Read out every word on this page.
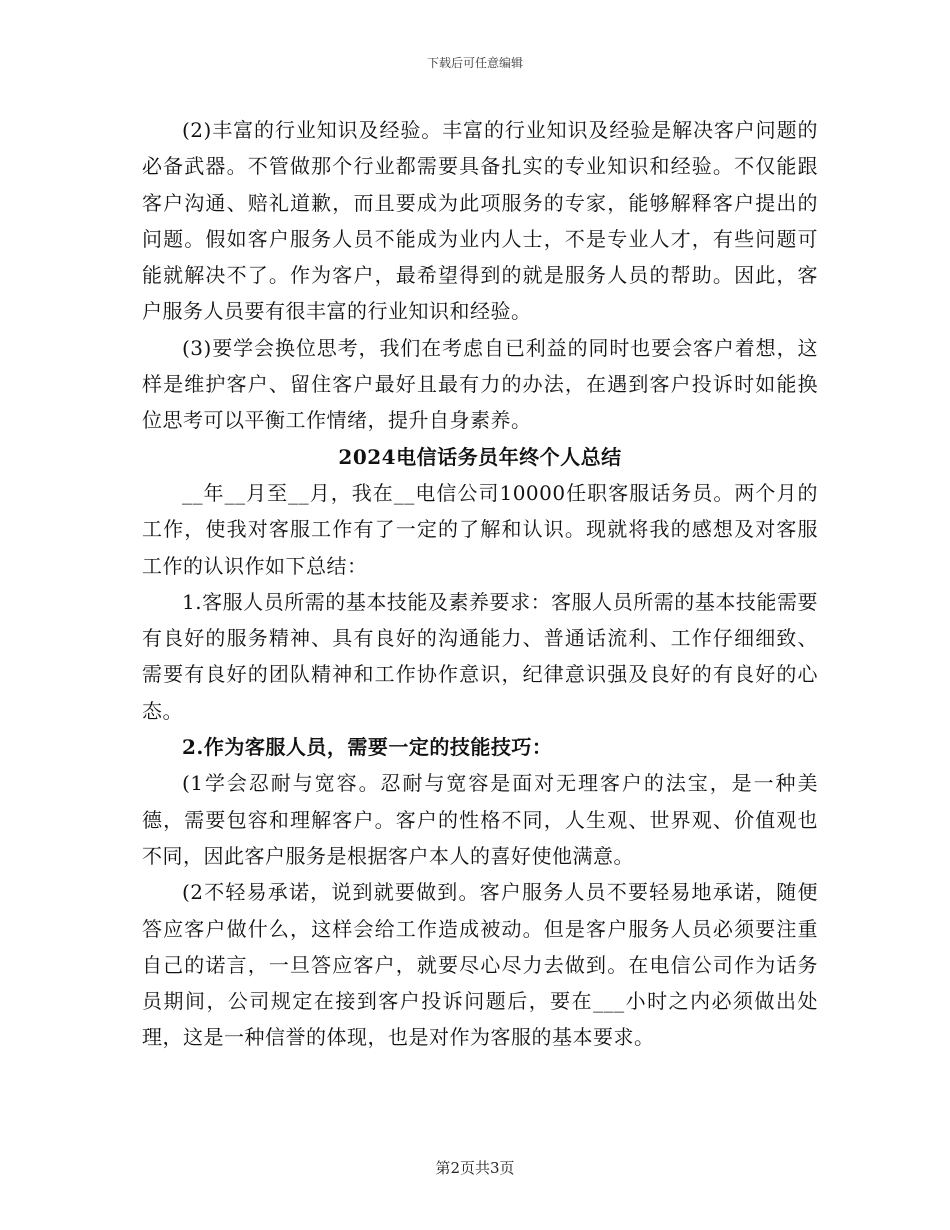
下载后可任意编辑

(2)丰富的行业知识及经验。丰富的行业知识及经验是解决客户问题的必备武器。不管做那个行业都需要具备扎实的专业知识和经验。不仅能跟客户沟通、赔礼道歉，而且要成为此项服务的专家，能够解释客户提出的问题。假如客户服务人员不能成为业内人士，不是专业人才，有些问题可能就解决不了。作为客户，最希望得到的就是服务人员的帮助。因此，客户服务人员要有很丰富的行业知识和经验。

(3)要学会换位思考，我们在考虑自已利益的同时也要会客户着想，这样是维护客户、留住客户最好且最有力的办法，在遇到客户投诉时如能换位思考可以平衡工作情绪，提升自身素养。

2024电信话务员年终个人总结

__年__月至__月，我在__电信公司10000任职客服话务员。两个月的工作，使我对客服工作有了一定的了解和认识。现就将我的感想及对客服工作的认识作如下总结：

1.客服人员所需的基本技能及素养要求：客服人员所需的基本技能需要有良好的服务精神、具有良好的沟通能力、普通话流利、工作仔细细致、需要有良好的团队精神和工作协作意识，纪律意识强及良好的有良好的心态。

2.作为客服人员，需要一定的技能技巧：

(1学会忍耐与宽容。忍耐与宽容是面对无理客户的法宝，是一种美德，需要包容和理解客户。客户的性格不同，人生观、世界观、价值观也不同，因此客户服务是根据客户本人的喜好使他满意。

(2不轻易承诺，说到就要做到。客户服务人员不要轻易地承诺，随便答应客户做什么，这样会给工作造成被动。但是客户服务人员必须要注重自己的诺言，一旦答应客户，就要尽心尽力去做到。在电信公司作为话务员期间，公司规定在接到客户投诉问题后，要在___小时之内必须做出处理，这是一种信誉的体现，也是对作为客服的基本要求。

第2页共3页
